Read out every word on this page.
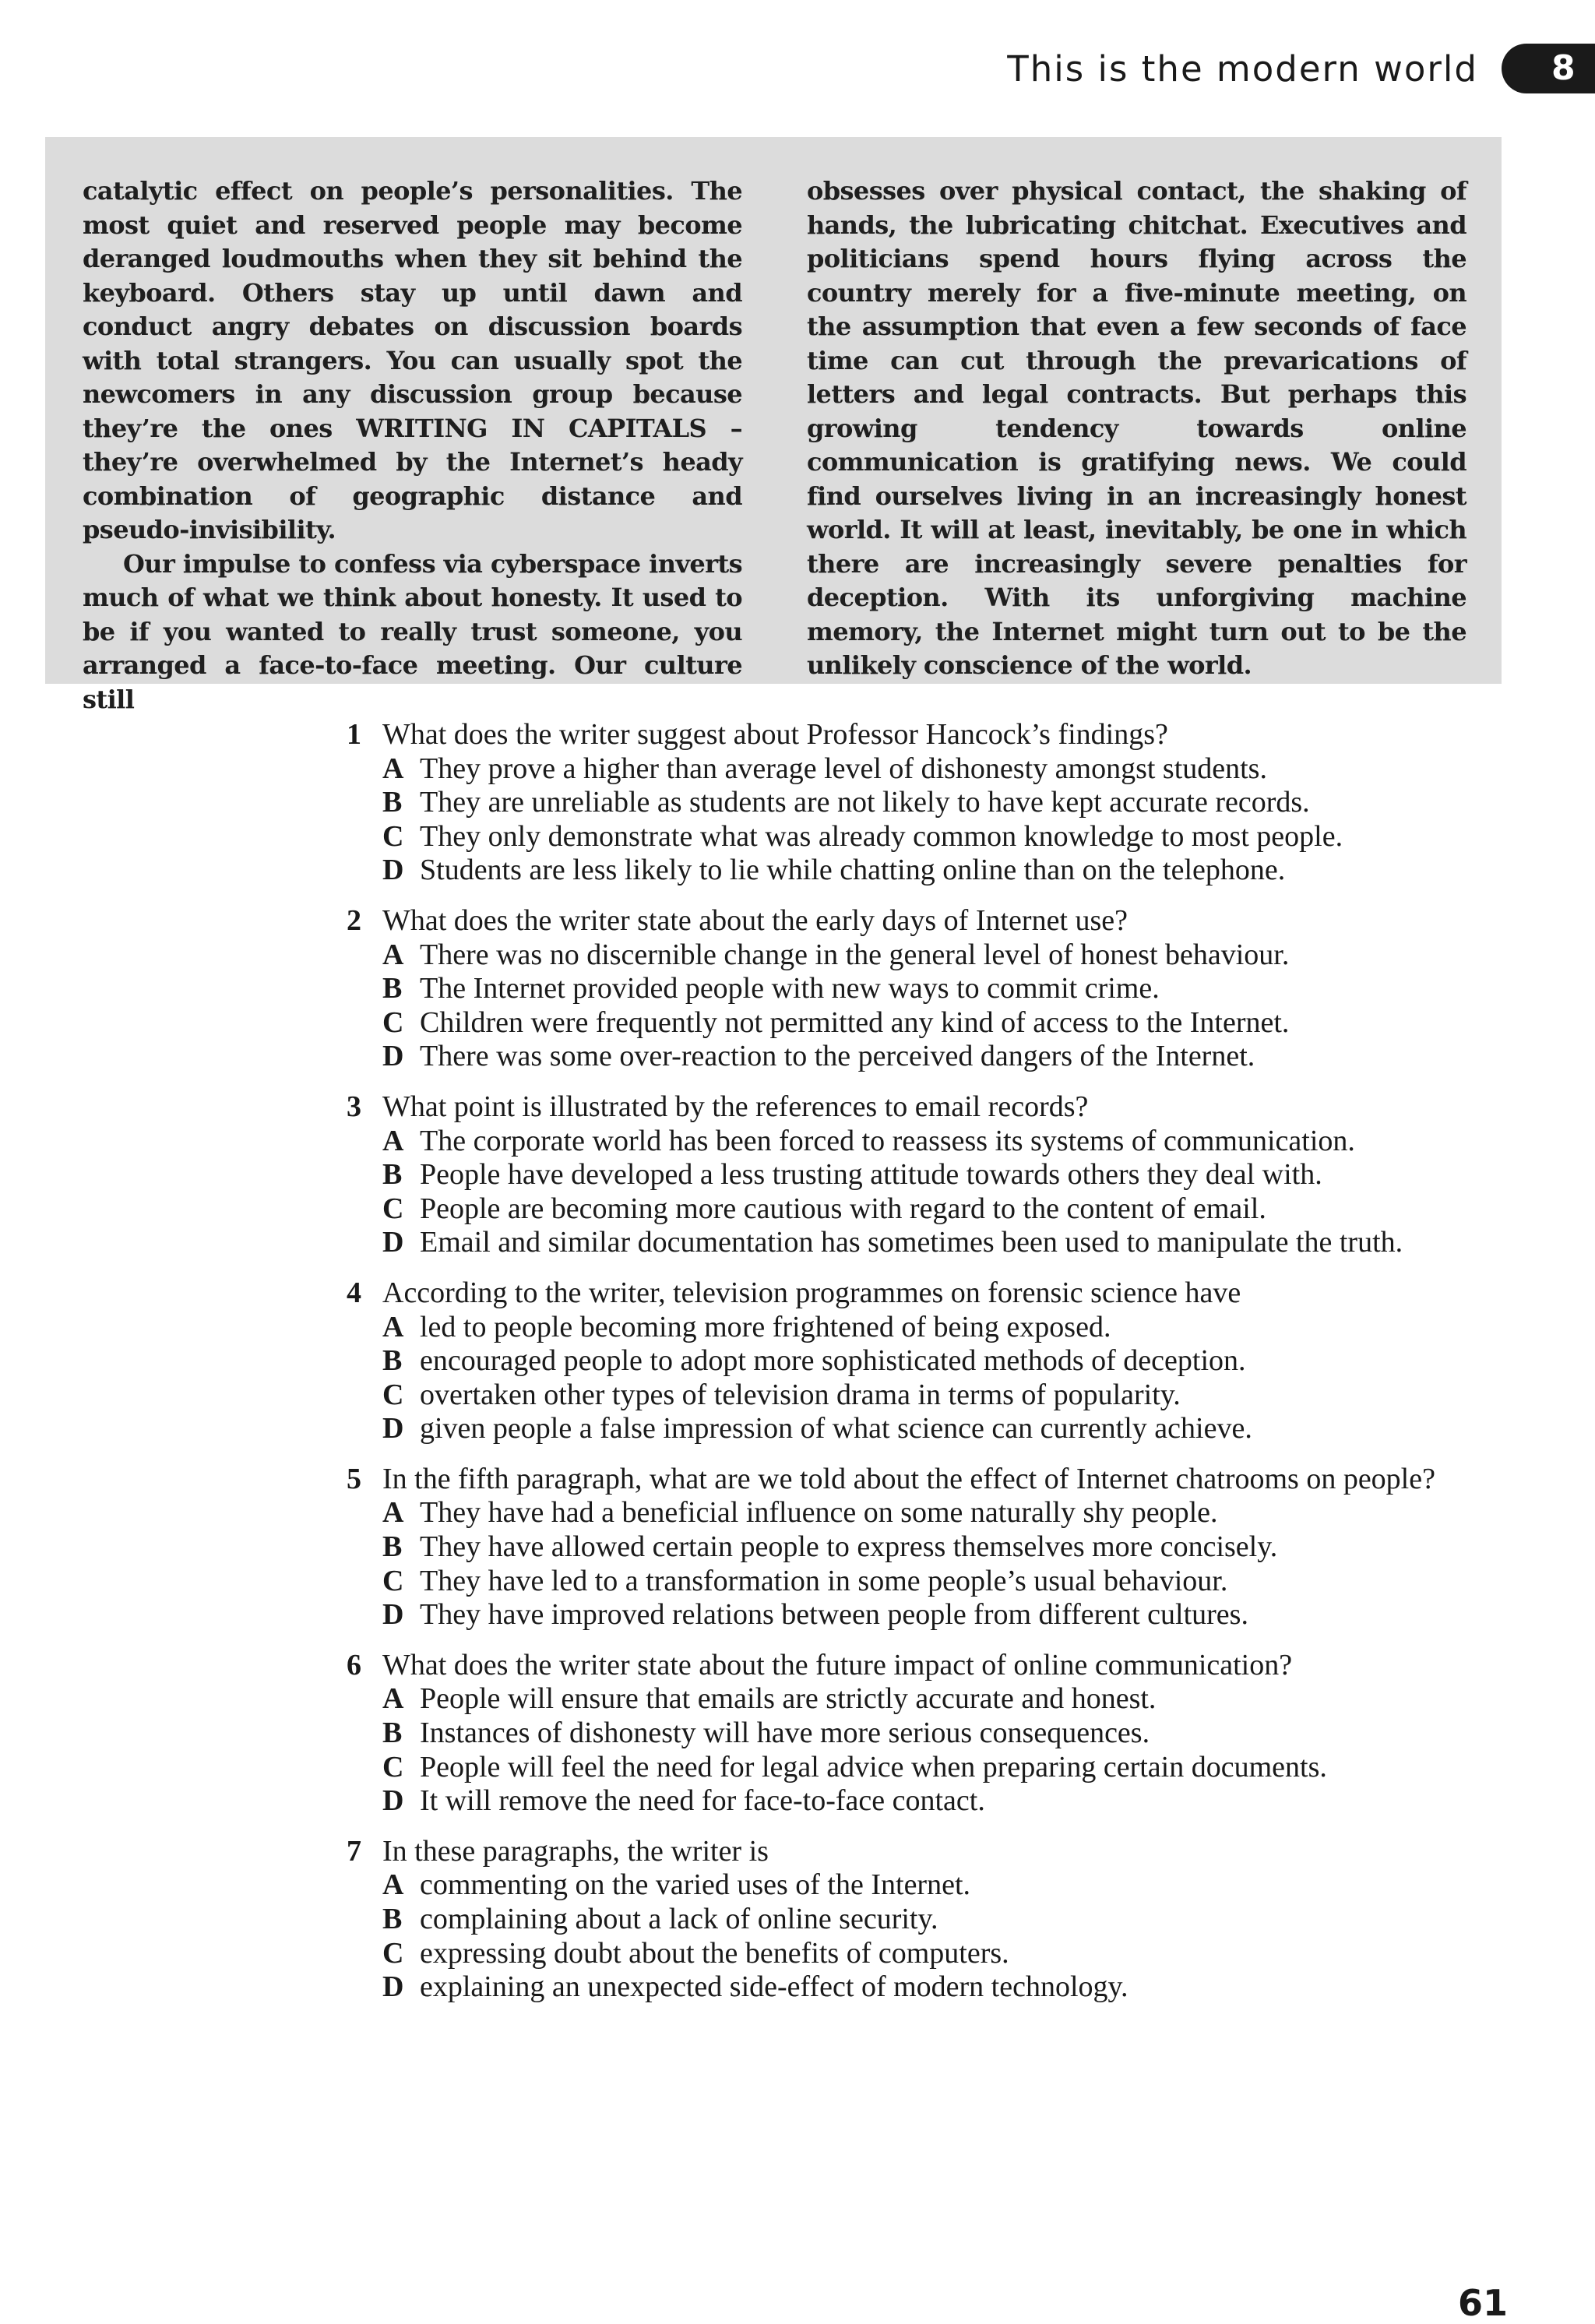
This is the modern world	8

catalytic effect on people’s personalities. The most quiet and reserved people may become deranged loudmouths when they sit behind the keyboard. Others stay up until dawn and conduct angry debates on discussion boards with total strangers. You can usually spot the newcomers in any discussion group because they’re the ones WRITING IN CAPITALS – they’re overwhelmed by the Internet’s heady combination of geographic distance and pseudo-invisibility.

Our impulse to confess via cyberspace inverts much of what we think about honesty. It used to be if you wanted to really trust someone, you arranged a face-to-face meeting. Our culture still

obsesses over physical contact, the shaking of hands, the lubricating chitchat. Executives and politicians spend hours flying across the country merely for a five-minute meeting, on the assumption that even a few seconds of face time can cut through the prevarications of letters and legal contracts. But perhaps this growing tendency towards online communication is gratifying news. We could find ourselves living in an increasingly honest world. It will at least, inevitably, be one in which there are increasingly severe penalties for deception. With its unforgiving machine memory, the Internet might turn out to be the unlikely conscience of the world.

1 What does the writer suggest about Professor Hancock’s findings?
A They prove a higher than average level of dishonesty amongst students.
B They are unreliable as students are not likely to have kept accurate records.
C They only demonstrate what was already common knowledge to most people.
D Students are less likely to lie while chatting online than on the telephone.
2 What does the writer state about the early days of Internet use?
A There was no discernible change in the general level of honest behaviour.
B The Internet provided people with new ways to commit crime.
C Children were frequently not permitted any kind of access to the Internet.
D There was some over-reaction to the perceived dangers of the Internet.
3 What point is illustrated by the references to email records?
A The corporate world has been forced to reassess its systems of communication.
B People have developed a less trusting attitude towards others they deal with.
C People are becoming more cautious with regard to the content of email.
D Email and similar documentation has sometimes been used to manipulate the truth.
4 According to the writer, television programmes on forensic science have
A led to people becoming more frightened of being exposed.
B encouraged people to adopt more sophisticated methods of deception.
C overtaken other types of television drama in terms of popularity.
D given people a false impression of what science can currently achieve.
5 In the fifth paragraph, what are we told about the effect of Internet chatrooms on people?
A They have had a beneficial influence on some naturally shy people.
B They have allowed certain people to express themselves more concisely.
C They have led to a transformation in some people’s usual behaviour.
D They have improved relations between people from different cultures.
6 What does the writer state about the future impact of online communication?
A People will ensure that emails are strictly accurate and honest.
B Instances of dishonesty will have more serious consequences.
C People will feel the need for legal advice when preparing certain documents.
D It will remove the need for face-to-face contact.
7 In these paragraphs, the writer is
A commenting on the varied uses of the Internet.
B complaining about a lack of online security.
C expressing doubt about the benefits of computers.
D explaining an unexpected side-effect of modern technology.
61
